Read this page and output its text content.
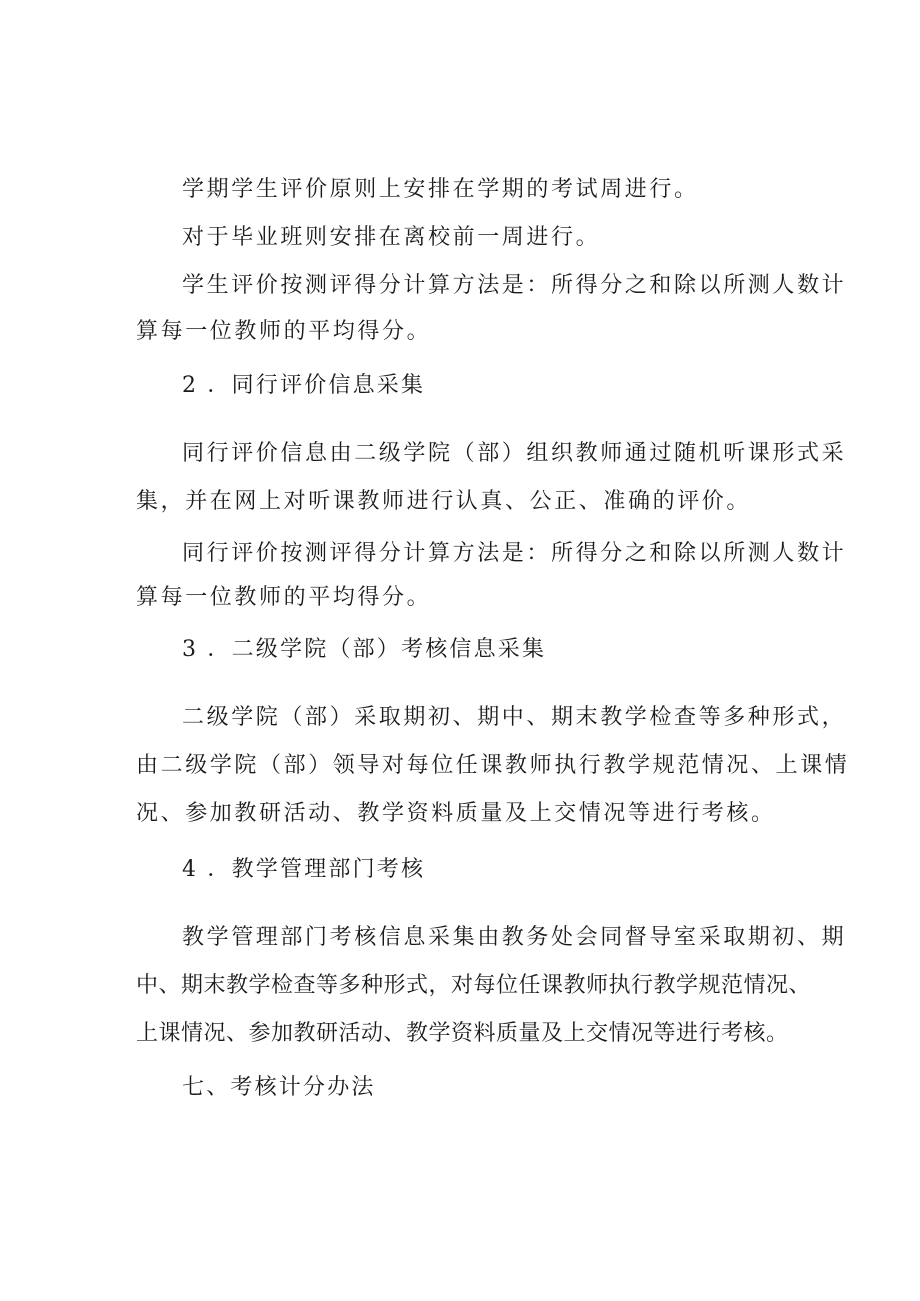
学期学生评价原则上安排在学期的考试周进行。
对于毕业班则安排在离校前一周进行。
学生评价按测评得分计算方法是：所得分之和除以所测人数计
算每一位教师的平均得分。
2 ．同行评价信息采集
同行评价信息由二级学院（部）组织教师通过随机听课形式采
集，并在网上对听课教师进行认真、公正、准确的评价。
同行评价按测评得分计算方法是：所得分之和除以所测人数计
算每一位教师的平均得分。
3 ．二级学院（部）考核信息采集
二级学院（部）采取期初、期中、期末教学检查等多种形式，
由二级学院（部）领导对每位任课教师执行教学规范情况、上课情
况、参加教研活动、教学资料质量及上交情况等进行考核。
4 ．教学管理部门考核
教学管理部门考核信息采集由教务处会同督导室采取期初、期
中、期末教学检查等多种形式，对每位任课教师执行教学规范情况、
上课情况、参加教研活动、教学资料质量及上交情况等进行考核。
七、考核计分办法
